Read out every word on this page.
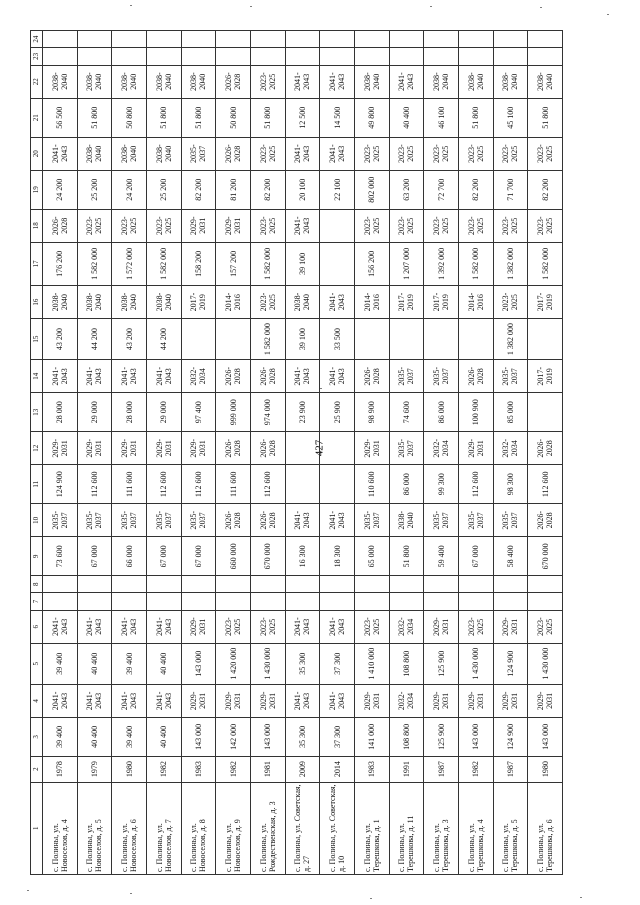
427
1	2	3	4	5	6	7	8	9	10	11	12	13	14	15	16	17	18	19	20	21	22	23	24
с. Полины, ул. Новоселов, д. 4	1978	39 400	2041-2043	39 400	2041-2043			73 600	2035-2037	124 900	2029-2031	28 000	2041-2043	43 200	2038-2040	176 200	2026-2028	24 200	2041-2043	56 500	2038-2040		
с. Полины, ул. Новоселов, д. 5	1979	40 400	2041-2043	40 400	2041-2043			67 000	2035-2037	112 600	2029-2031	29 000	2041-2043	44 200	2038-2040	1 582 000	2023-2025	25 200	2038-2040	51 800	2038-2040		
с. Полины, ул. Новоселов, д. 6	1980	39 400	2041-2043	39 400	2041-2043			66 000	2035-2037	111 600	2029-2031	28 000	2041-2043	43 200	2038-2040	1 572 000	2023-2025	24 200	2038-2040	50 800	2038-2040		
с. Полины, ул. Новоселов, д. 7	1982	40 400	2041-2043	40 400	2041-2043			67 000	2035-2037	112 600	2029-2031	29 000	2041-2043	44 200	2038-2040	1 582 000	2023-2025	25 200	2038-2040	51 800	2038-2040		
с. Полины, ул. Новоселов, д. 8	1983	143 000	2029-2031	143 000	2029-2031			67 000	2035-2037	112 600	2029-2031	97 400	2032-2034		2017-2019	158 200	2029-2031	82 200	2035-2037	51 800	2038-2040		
с. Полины, ул. Новоселов, д. 9	1982	142 000	2029-2031	1 420 000	2023-2025			660 000	2026-2028	111 600	2026-2028	999 000	2026-2028		2014-2016	157 200	2029-2031	81 200	2026-2028	50 800	2026-2028		
с. Полины, ул. Рождественская, д. 3	1981	143 000	2029-2031	1 430 000	2023-2025			670 000	2026-2028	112 600	2026-2028	974 000	2026-2028	1 582 000	2023-2025	1 582 000	2023-2025	82 200	2023-2025	51 800	2023-2025		
с. Полины, ул. Советская, д. 27	2009	35 300	2041-2043	35 300	2041-2043			16 300	2041-2043			23 900	2041-2043	39 100	2038-2040	39 100	2041-2043	20 100	2041-2043	12 500	2041-2043		
с. Полины, ул. Советская, д. 10	2014	37 300	2041-2043	37 300	2041-2043			18 300	2041-2043			25 900	2041-2043	33 500	2041-2043			22 100	2041-2043	14 500	2041-2043		
с. Полины, ул. Терешкова, д. 1	1983	141 000	2029-2031	1 410 000	2023-2025			65 000	2035-2037	110 600	2029-2031	98 900	2026-2028		2014-2016	156 200	2023-2025	802 000	2023-2025	49 800	2038-2040		
с. Полины, ул. Терешкова, д. 11	1991	108 800	2032-2034	108 800	2032-2034			51 800	2038-2040	86 000	2035-2037	74 600	2035-2037		2017-2019	1 207 000	2023-2025	63 200	2023-2025	40 400	2041-2043		
с. Полины, ул. Терешкова, д. 3	1987	125 900	2029-2031	125 900	2029-2031			59 400	2035-2037	99 300	2032-2034	86 000	2035-2037		2017-2019	1 392 000	2023-2025	72 700	2023-2025	46 100	2038-2040		
с. Полины, ул. Терешкова, д. 4	1982	143 000	2029-2031	1 430 000	2023-2025			67 000	2035-2037	112 600	2029-2031	100 900	2026-2028		2014-2016	1 582 000	2023-2025	82 200	2023-2025	51 800	2038-2040		
с. Полины, ул. Терешкова, д. 5	1987	124 900	2029-2031	124 900	2029-2031			58 400	2035-2037	98 300	2032-2034	85 000	2035-2037	1 382 000	2023-2025	1 382 000	2023-2025	71 700	2023-2025	45 100	2038-2040		
с. Полины, ул. Терешкова, д. 6	1980	143 000	2029-2031	1 430 000	2023-2025			670 000	2026-2028	112 600	2026-2028		2017-2019		2017-2019	1 582 000	2023-2025	82 200	2023-2025	51 800	2038-2040		
